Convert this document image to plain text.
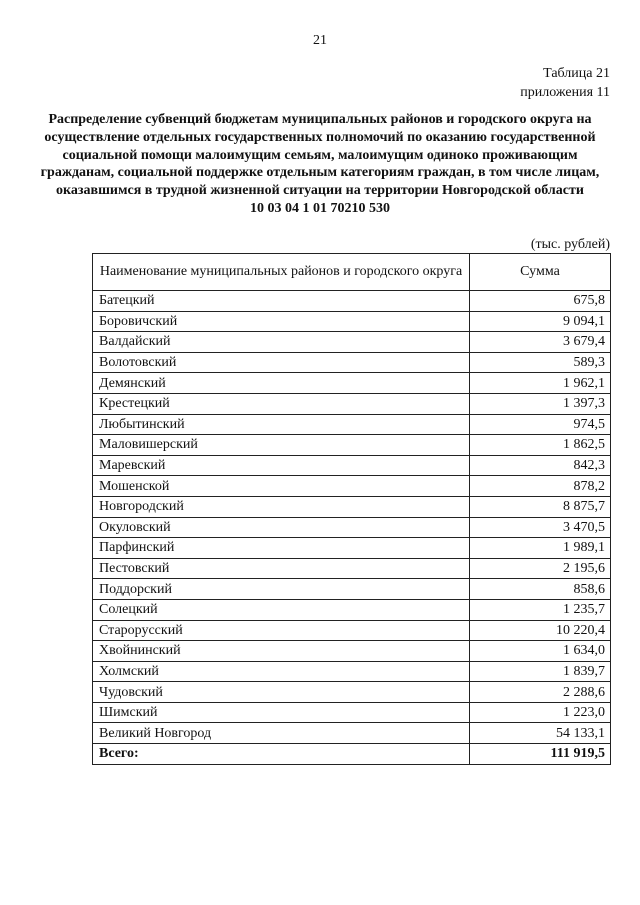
21
Таблица 21
приложения 11
Распределение субвенций бюджетам муниципальных районов и городского округа на осуществление отдельных государственных полномочий по оказанию государственной социальной помощи малоимущим семьям, малоимущим одиноко проживающим гражданам, социальной поддержке отдельным категориям граждан, в том числе лицам, оказавшимся в трудной жизненной ситуации на территории Новгородской области
10 03 04 1 01 70210 530
(тыс. рублей)
Наименование муниципальных районов и городского округа	Сумма
Батецкий	675,8
Боровичский	9 094,1
Валдайский	3 679,4
Волотовский	589,3
Демянский	1 962,1
Крестецкий	1 397,3
Любытинский	974,5
Маловишерский	1 862,5
Маревский	842,3
Мошенской	878,2
Новгородский	8 875,7
Окуловский	3 470,5
Парфинский	1 989,1
Пестовский	2 195,6
Поддорский	858,6
Солецкий	1 235,7
Старорусский	10 220,4
Хвойнинский	1 634,0
Холмский	1 839,7
Чудовский	2 288,6
Шимский	1 223,0
Великий Новгород	54 133,1
Всего:	111 919,5
